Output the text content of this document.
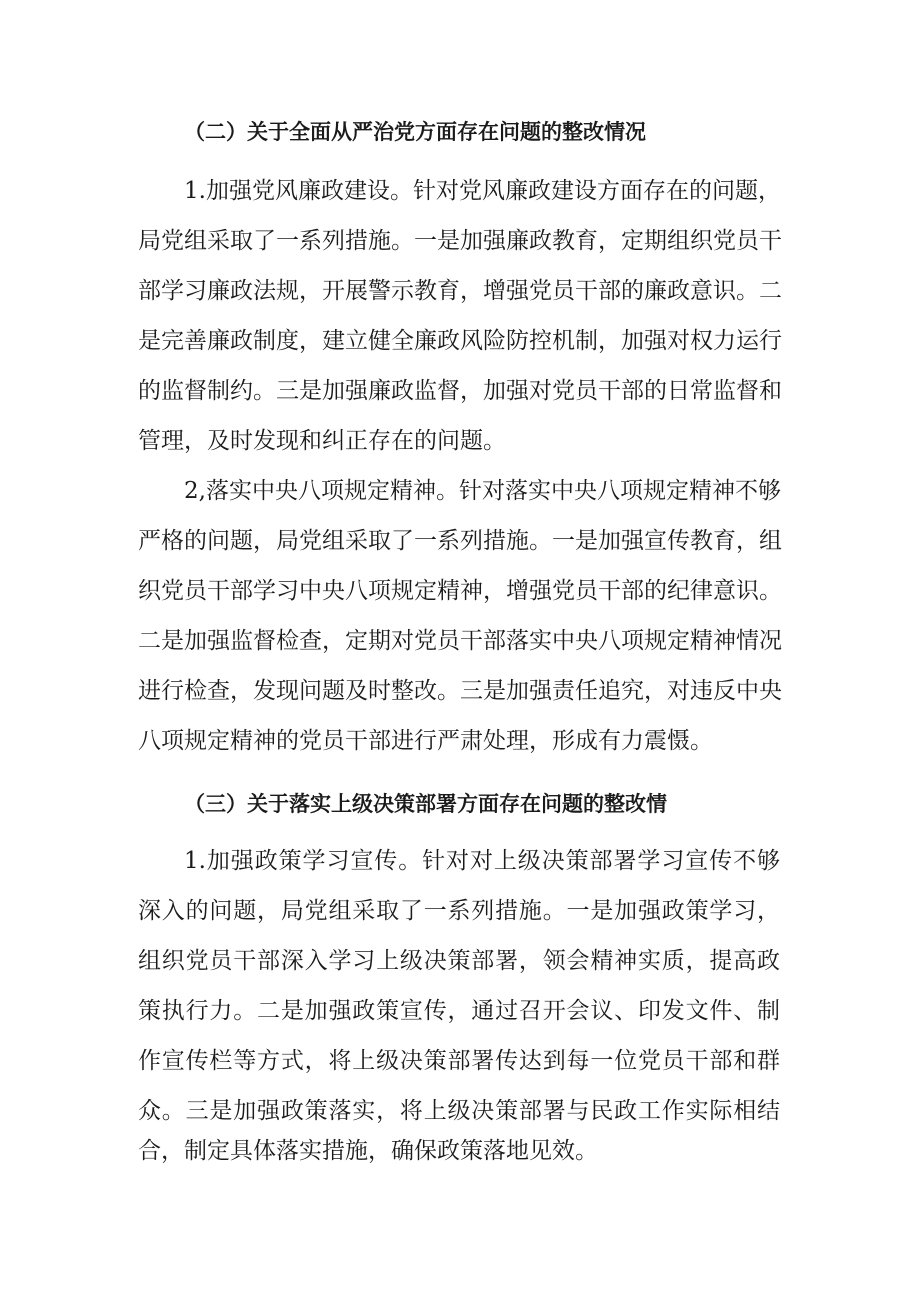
（二）关于全面从严治党方面存在问题的整改情况

1.加强党风廉政建设。针对党风廉政建设方面存在的问题，

局党组采取了一系列措施。一是加强廉政教育，定期组织党员干

部学习廉政法规，开展警示教育，增强党员干部的廉政意识。二

是完善廉政制度，建立健全廉政风险防控机制，加强对权力运行

的监督制约。三是加强廉政监督，加强对党员干部的日常监督和

管理，及时发现和纠正存在的问题。

2,落实中央八项规定精神。针对落实中央八项规定精神不够

严格的问题，局党组采取了一系列措施。一是加强宣传教育，组

织党员干部学习中央八项规定精神，增强党员干部的纪律意识。

二是加强监督检查，定期对党员干部落实中央八项规定精神情况

进行检查，发现问题及时整改。三是加强责任追究，对违反中央

八项规定精神的党员干部进行严肃处理，形成有力震慑。

（三）关于落实上级决策部署方面存在问题的整改情

1.加强政策学习宣传。针对对上级决策部署学习宣传不够

深入的问题，局党组采取了一系列措施。一是加强政策学习，

组织党员干部深入学习上级决策部署，领会精神实质，提高政

策执行力。二是加强政策宣传，通过召开会议、印发文件、制

作宣传栏等方式，将上级决策部署传达到每一位党员干部和群

众。三是加强政策落实，将上级决策部署与民政工作实际相结

合，制定具体落实措施，确保政策落地见效。
